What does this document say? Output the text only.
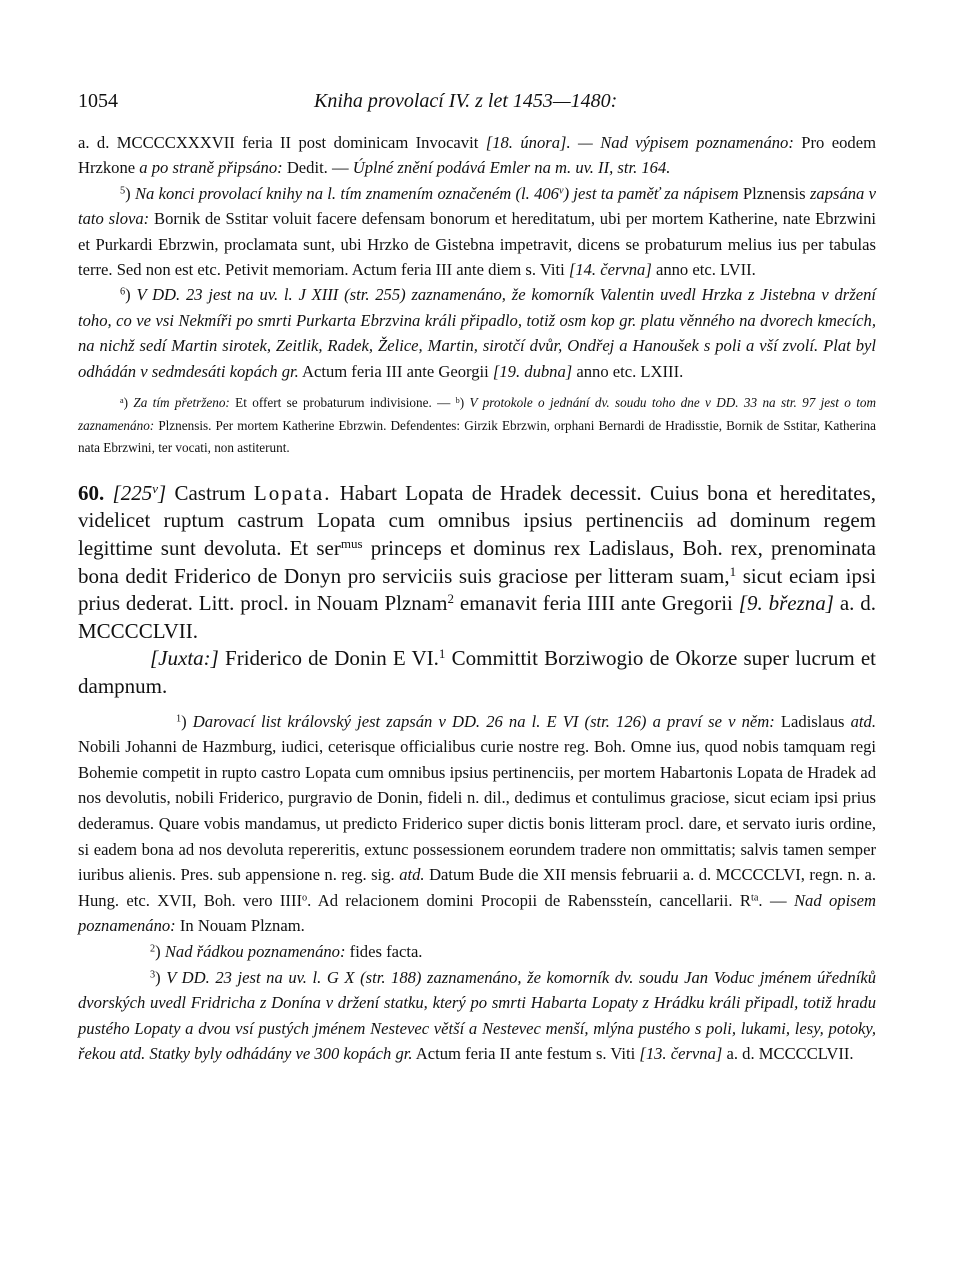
1054	Kniha provolací IV. z let 1453—1480:

a. d. MCCCCXXXVII feria II post dominicam Invocavit [18. února]. — Nad výpisem poznamenáno: Pro eodem Hrzkone a po straně připsáno: Dedit. — Úplné znění podává Emler na m. uv. II, str. 164.

$^5$) Na konci provolací knihy na l. tím znamením označeném (l. 406$^v$) jest ta paměť za nápisem Plznensis zapsána v tato slova: Bornik de Sstitar voluit facere defensam bonorum et hereditatum, ubi per mortem Katherine, nate Ebrzwini et Purkardi Ebrzwin, proclamata sunt, ubi Hrzko de Gistebna impetravit, dicens se probaturum melius ius per tabulas terre. Sed non est etc. Petivit memoriam. Actum feria III ante diem s. Viti [14. června] anno etc. LVII.

$^6$) V DD. 23 jest na uv. l. J XIII (str. 255) zaznamenáno, že komorník Valentin uvedl Hrzka z Jistebna v držení toho, co ve vsi Nekmíři po smrti Purkarta Ebrzvina králi připadlo, totiž osm kop gr. platu věnného na dvorech kmecích, na nichž sedí Martin sirotek, Zeitlik, Radek, Želice, Martin, sirotčí dvůr, Ondřej a Hanoušek s poli a vší zvolí. Plat byl odhádán v sedmdesáti kopách gr. Actum feria III ante Georgii [19. dubna] anno etc. LXIII.

$^a$) Za tím přetrženo: Et offert se probaturum indivisione. — $^b$) V protokole o jednání dv. soudu toho dne v DD. 33 na str. 97 jest o tom zaznamenáno: Plznensis. Per mortem Katherine Ebrzwin. Defendentes: Girzik Ebrzwin, orphani Bernardi de Hradisstie, Bornik de Sstitar, Katherina nata Ebrzwini, ter vocati, non astiterunt.

60. [225$^v$] Castrum Lopata. Habart Lopata de Hradek decessit. Cuius bona et hereditates, videlicet ruptum castrum Lopata cum omnibus ipsius pertinenciis ad dominum regem legittime sunt devoluta. Et ser$^{mus}$ princeps et dominus rex Ladislaus, Boh. rex, prenominata bona dedit Friderico de Donyn pro serviciis suis graciose per litteram suam,$^1$ sicut eciam ipsi prius dederat. Litt. procl. in Nouam Plznam$^2$ emanavit feria IIII ante Gregorii [9. března] a. d. MCCCCLVII.

[Juxta:] Friderico de Donin E VI.$^1$ Committit Borziwogio de Okorze super lucrum et dampnum.

$^1$) Darovací list královský jest zapsán v DD. 26 na l. E VI (str. 126) a praví se v něm: Ladislaus atd. Nobili Johanni de Hazmburg, iudici, ceterisque officialibus curie nostre reg. Boh. Omne ius, quod nobis tamquam regi Bohemie competit in rupto castro Lopata cum omnibus ipsius pertinenciis, per mortem Habartonis Lopata de Hradek ad nos devolutis, nobili Friderico, purgravio de Donin, fideli n. dil., dedimus et contulimus graciose, sicut eciam ipsi prius dederamus. Quare vobis mandamus, ut predicto Friderico super dictis bonis litteram procl. dare, et servato iuris ordine, si eadem bona ad nos devoluta repereritis, extunc possessionem eorundem tradere non ommittatis; salvis tamen semper iuribus alienis. Pres. sub appensione n. reg. sig. atd. Datum Bude die XII mensis februarii a. d. MCCCCLVI, regn. n. a. Hung. etc. XVII, Boh. vero IIII$^o$. Ad relacionem domini Procopii de Rabenssteín, cancellarii. $R^{ta}$. — Nad opisem poznamenáno: In Nouam Plznam.

$^2$) Nad řádkou poznamenáno: fides facta.

$^3$) V DD. 23 jest na uv. l. G X (str. 188) zaznamenáno, že komorník dv. soudu Jan Voduc jménem úředníků dvorských uvedl Fridricha z Donína v držení statku, který po smrti Habarta Lopaty z Hrádku králi připadl, totiž hradu pustého Lopaty a dvou vsí pustých jménem Nestevec větší a Nestevec menší, mlýna pustého s poli, lukami, lesy, potoky, řekou atd. Statky byly odhádány ve 300 kopách gr. Actum feria II ante festum s. Viti [13. června] a. d. MCCCCLVII.
